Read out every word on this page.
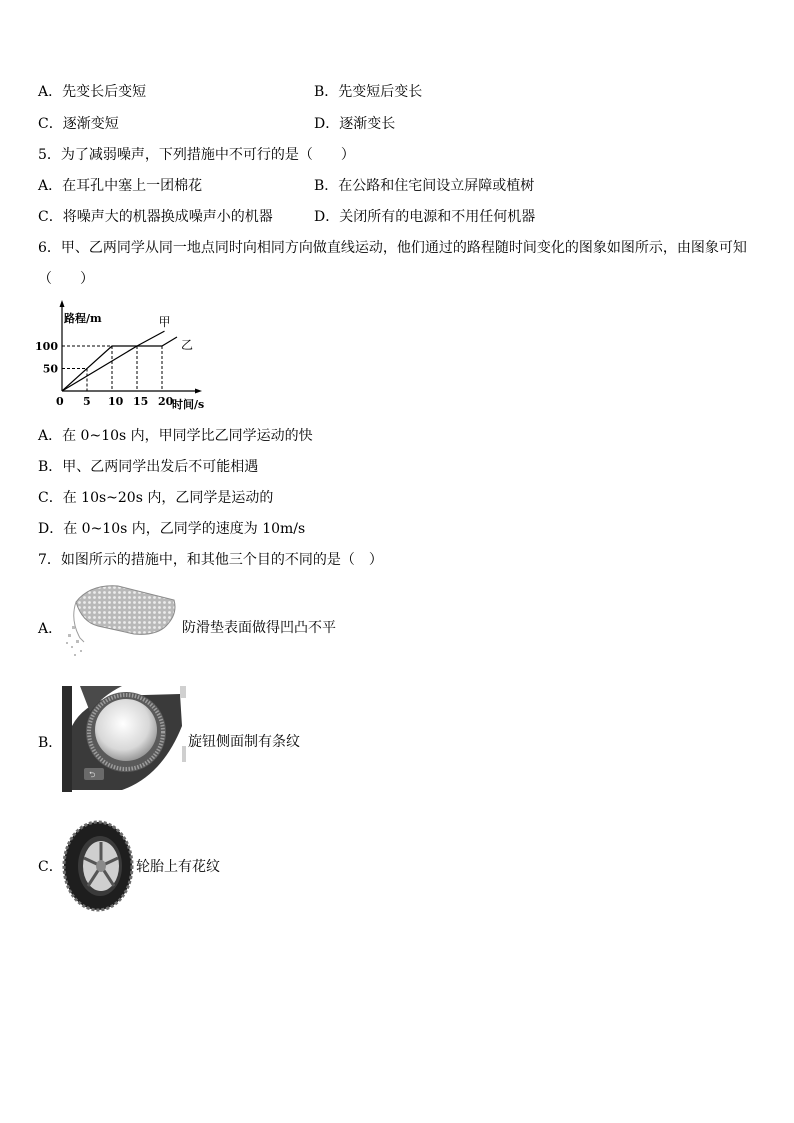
A．先变长后变短	B．先变短后变长
C．逐渐变短	D．逐渐变长
5．为了减弱噪声，下列措施中不可行的是（　　）
A．在耳孔中塞上一团棉花	B．在公路和住宅间设立屏障或植树
C．将噪声大的机器换成噪声小的机器	D．关闭所有的电源和不用任何机器
6．甲、乙两同学从同一地点同时向相同方向做直线运动，他们通过的路程随时间变化的图象如图所示，由图象可知
（　　）
甲
乙
0 5 10 15 20
50
100
路程/m
时间/s
A．在 0~10s 内，甲同学比乙同学运动的快
B．甲、乙两同学出发后不可能相遇
C．在 10s~20s 内，乙同学是运动的
D．在 0~10s 内，乙同学的速度为 10m/s
7．如图所示的措施中，和其他三个目的不同的是（　）
A．	防滑垫表面做得凹凸不平
B．
⮌
旋钮侧面制有条纹
C．	轮胎上有花纹
